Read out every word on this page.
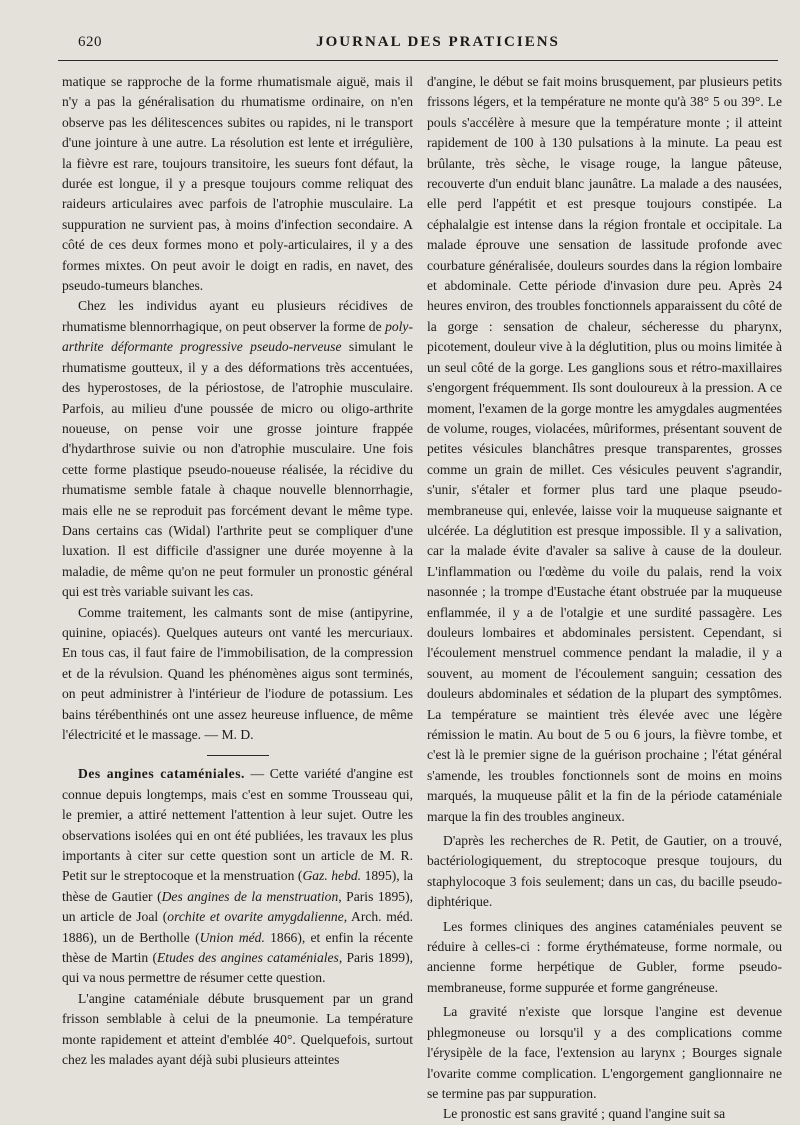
620	JOURNAL DES PRATICIENS

matique se rapproche de la forme rhumatismale aiguë, mais il n'y a pas la généralisation du rhumatisme ordinaire, on n'en observe pas les délitescences subites ou rapides, ni le transport d'une jointure à une autre. La résolution est lente et irrégulière, la fièvre est rare, toujours transitoire, les sueurs font défaut, la durée est longue, il y a presque toujours comme reliquat des raideurs articulaires avec parfois de l'atrophie musculaire. La suppuration ne survient pas, à moins d'infection secondaire. A côté de ces deux formes mono et poly-articulaires, il y a des formes mixtes. On peut avoir le doigt en radis, en navet, des pseudo-tumeurs blanches.

Chez les individus ayant eu plusieurs récidives de rhumatisme blennorrhagique, on peut observer la forme de poly-arthrite déformante progressive pseudo-nerveuse simulant le rhumatisme goutteux, il y a des déformations très accentuées, des hyperostoses, de la périostose, de l'atrophie musculaire. Parfois, au milieu d'une poussée de micro ou oligo-arthrite noueuse, on pense voir une grosse jointure frappée d'hydarthrose suivie ou non d'atrophie musculaire. Une fois cette forme plastique pseudo-noueuse réalisée, la récidive du rhumatisme semble fatale à chaque nouvelle blennorrhagie, mais elle ne se reproduit pas forcément devant le même type. Dans certains cas (Widal) l'arthrite peut se compliquer d'une luxation. Il est difficile d'assigner une durée moyenne à la maladie, de même qu'on ne peut formuler un pronostic général qui est très variable suivant les cas.

Comme traitement, les calmants sont de mise (antipyrine, quinine, opiacés). Quelques auteurs ont vanté les mercuriaux. En tous cas, il faut faire de l'immobilisation, de la compression et de la révulsion. Quand les phénomènes aigus sont terminés, on peut administrer à l'intérieur de l'iodure de potassium. Les bains térébenthinés ont une assez heureuse influence, de même l'électricité et le massage. — M. D.

Des angines cataméniales. — Cette variété d'angine est connue depuis longtemps, mais c'est en somme Trousseau qui, le premier, a attiré nettement l'attention à leur sujet. Outre les observations isolées qui en ont été publiées, les travaux les plus importants à citer sur cette question sont un article de M. R. Petit sur le streptocoque et la menstruation (Gaz. hebd. 1895), la thèse de Gautier (Des angines de la menstruation, Paris 1895), un article de Joal (orchite et ovarite amygdalienne, Arch. méd. 1886), un de Bertholle (Union méd. 1866), et enfin la récente thèse de Martin (Etudes des angines cataméniales, Paris 1899), qui va nous permettre de résumer cette question.

L'angine cataméniale débute brusquement par un grand frisson semblable à celui de la pneumonie. La température monte rapidement et atteint d'emblée 40°. Quelquefois, surtout chez les malades ayant déjà subi plusieurs atteintes

d'angine, le début se fait moins brusquement, par plusieurs petits frissons légers, et la température ne monte qu'à 38° 5 ou 39°. Le pouls s'accélère à mesure que la température monte ; il atteint rapidement de 100 à 130 pulsations à la minute. La peau est brûlante, très sèche, le visage rouge, la langue pâteuse, recouverte d'un enduit blanc jaunâtre. La malade a des nausées, elle perd l'appétit et est presque toujours constipée. La céphalalgie est intense dans la région frontale et occipitale. La malade éprouve une sensation de lassitude profonde avec courbature généralisée, douleurs sourdes dans la région lombaire et abdominale. Cette période d'invasion dure peu. Après 24 heures environ, des troubles fonctionnels apparaissent du côté de la gorge : sensation de chaleur, sécheresse du pharynx, picotement, douleur vive à la déglutition, plus ou moins limitée à un seul côté de la gorge. Les ganglions sous et rétro-maxillaires s'engorgent fréquemment. Ils sont douloureux à la pression. A ce moment, l'examen de la gorge montre les amygdales augmentées de volume, rouges, violacées, mûriformes, présentant souvent de petites vésicules blanchâtres presque transparentes, grosses comme un grain de millet. Ces vésicules peuvent s'agrandir, s'unir, s'étaler et former plus tard une plaque pseudo-membraneuse qui, enlevée, laisse voir la muqueuse saignante et ulcérée. La déglutition est presque impossible. Il y a salivation, car la malade évite d'avaler sa salive à cause de la douleur. L'inflammation ou l'œdème du voile du palais, rend la voix nasonnée ; la trompe d'Eustache étant obstruée par la muqueuse enflammée, il y a de l'otalgie et une surdité passagère. Les douleurs lombaires et abdominales persistent. Cependant, si l'écoulement menstruel commence pendant la maladie, il y a souvent, au moment de l'écoulement sanguin; cessation des douleurs abdominales et sédation de la plupart des symptômes. La température se maintient très élevée avec une légère rémission le matin. Au bout de 5 ou 6 jours, la fièvre tombe, et c'est là le premier signe de la guérison prochaine ; l'état général s'amende, les troubles fonctionnels sont de moins en moins marqués, la muqueuse pâlit et la fin de la période cataméniale marque la fin des troubles angineux.

D'après les recherches de R. Petit, de Gautier, on a trouvé, bactériologiquement, du streptocoque presque toujours, du staphylocoque 3 fois seulement; dans un cas, du bacille pseudo-diphtérique.

Les formes cliniques des angines cataméniales peuvent se réduire à celles-ci : forme érythémateuse, forme normale, ou ancienne forme herpétique de Gubler, forme pseudo-membraneuse, forme suppurée et forme gangréneuse.

La gravité n'existe que lorsque l'angine est devenue phlegmoneuse ou lorsqu'il y a des complications comme l'érysipèle de la face, l'extension au larynx ; Bourges signale l'ovarite comme complication. L'engorgement ganglionnaire ne se termine pas par suppuration.

Le pronostic est sans gravité ; quand l'angine suit sa
